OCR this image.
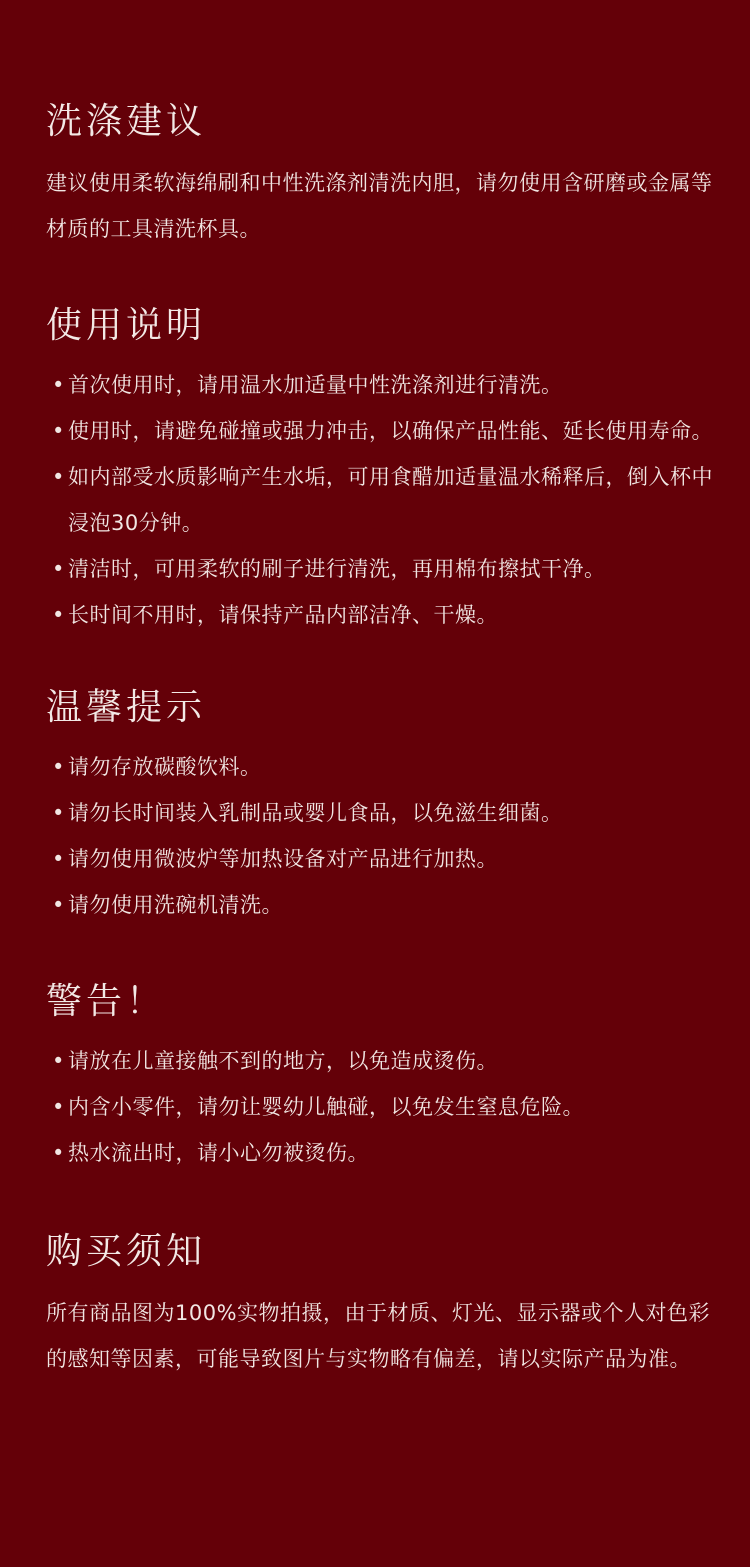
洗涤建议

建议使用柔软海绵刷和中性洗涤剂清洗内胆，请勿使用含研磨或金属等材质的工具清洗杯具。

使用说明
• 首次使用时，请用温水加适量中性洗涤剂进行清洗。
• 使用时，请避免碰撞或强力冲击，以确保产品性能、延长使用寿命。
• 如内部受水质影响产生水垢，可用食醋加适量温水稀释后，倒入杯中浸泡30分钟。
• 清洁时，可用柔软的刷子进行清洗，再用棉布擦拭干净。
• 长时间不用时，请保持产品内部洁净、干燥。
温馨提示
• 请勿存放碳酸饮料。
• 请勿长时间装入乳制品或婴儿食品，以免滋生细菌。
• 请勿使用微波炉等加热设备对产品进行加热。
• 请勿使用洗碗机清洗。
警告！
• 请放在儿童接触不到的地方，以免造成烫伤。
• 内含小零件，请勿让婴幼儿触碰，以免发生窒息危险。
• 热水流出时，请小心勿被烫伤。
购买须知

所有商品图为100%实物拍摄，由于材质、灯光、显示器或个人对色彩的感知等因素，可能导致图片与实物略有偏差，请以实际产品为准。
